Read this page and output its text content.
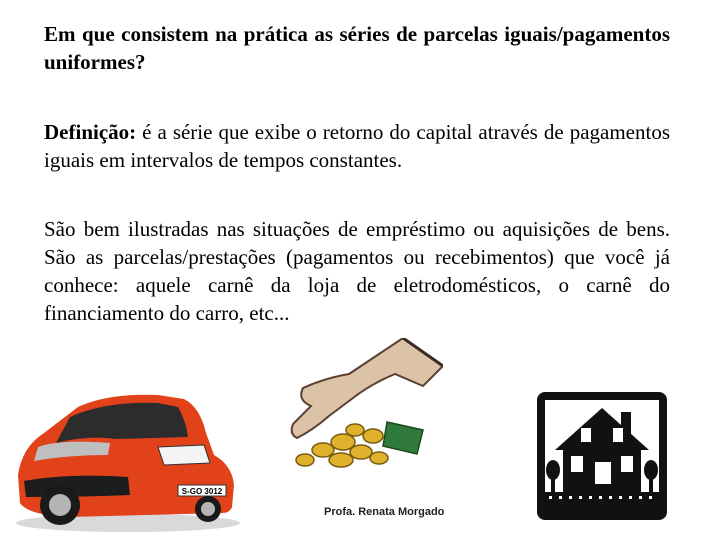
Em que consistem na prática as séries de parcelas iguais/pagamentos uniformes?

Definição: é a série que exibe o retorno do capital através de pagamentos iguais em intervalos de tempos constantes.

São bem ilustradas nas situações de empréstimo ou aquisições de bens. São as parcelas/prestações (pagamentos ou recebimentos) que você já conhece: aquele carnê da loja de eletrodomésticos, o carnê do financiamento do carro, etc...

S-GO 3012
Profa. Renata Morgado
